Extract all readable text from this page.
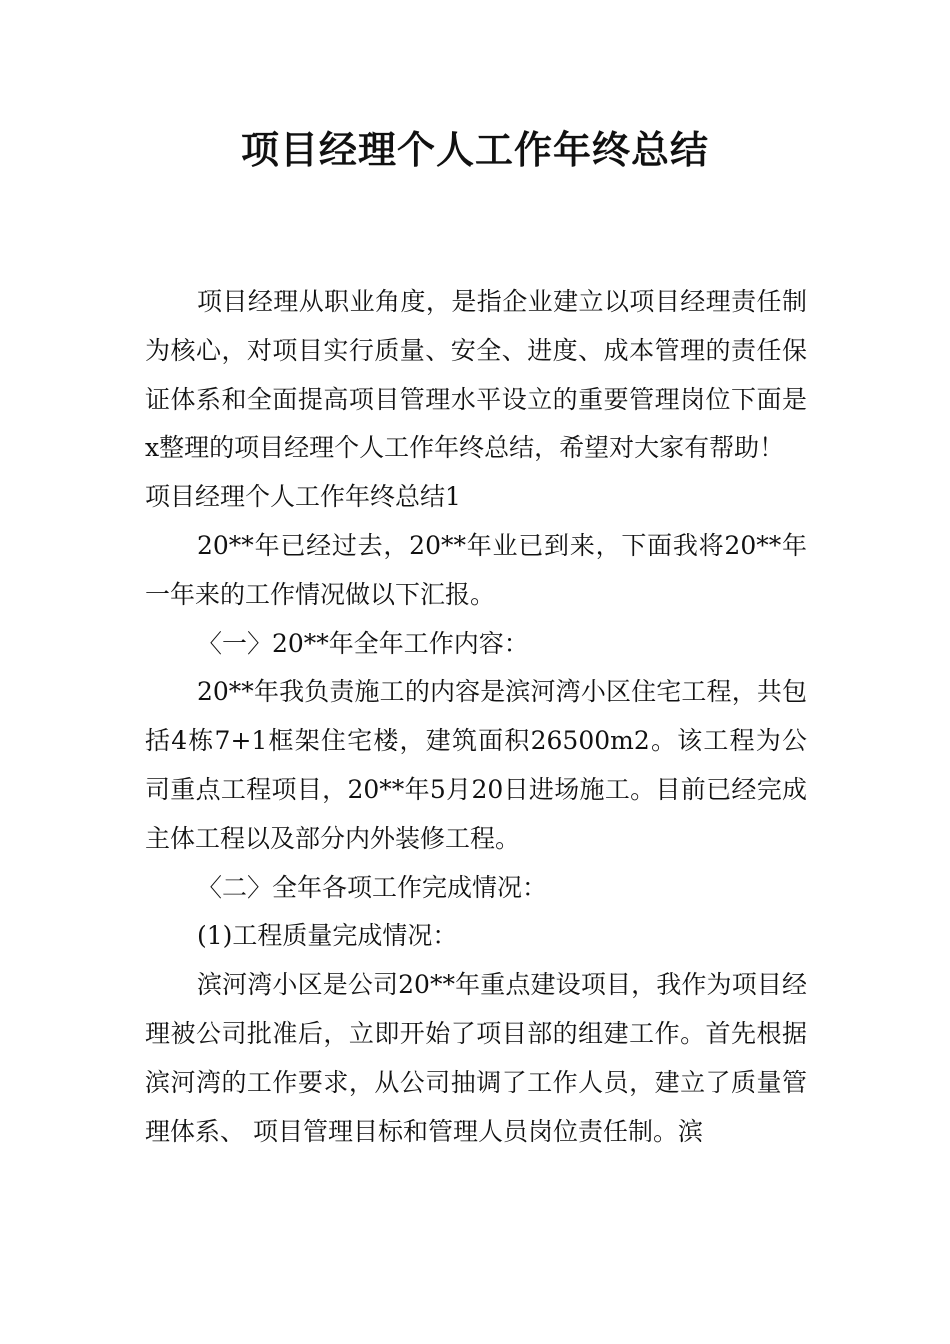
项目经理个人工作年终总结

项目经理从职业角度，是指企业建立以项目经理责任制为核心，对项目实行质量、安全、进度、成本管理的责任保证体系和全面提高项目管理水平设立的重要管理岗位下面是x整理的项目经理个人工作年终总结，希望对大家有帮助！

项目经理个人工作年终总结1

20**年已经过去，20**年业已到来，下面我将20**年一年来的工作情况做以下汇报。

〈一〉20**年全年工作内容：

20**年我负责施工的内容是滨河湾小区住宅工程，共包括4栋7+1框架住宅楼，建筑面积26500m2。该工程为公司重点工程项目，20**年5月20日进场施工。目前已经完成主体工程以及部分内外装修工程。

〈二〉全年各项工作完成情况：

(1)工程质量完成情况：

滨河湾小区是公司20**年重点建设项目，我作为项目经理被公司批准后，立即开始了项目部的组建工作。首先根据滨河湾的工作要求，从公司抽调了工作人员，建立了质量管理体系、 项目管理目标和管理人员岗位责任制。滨
